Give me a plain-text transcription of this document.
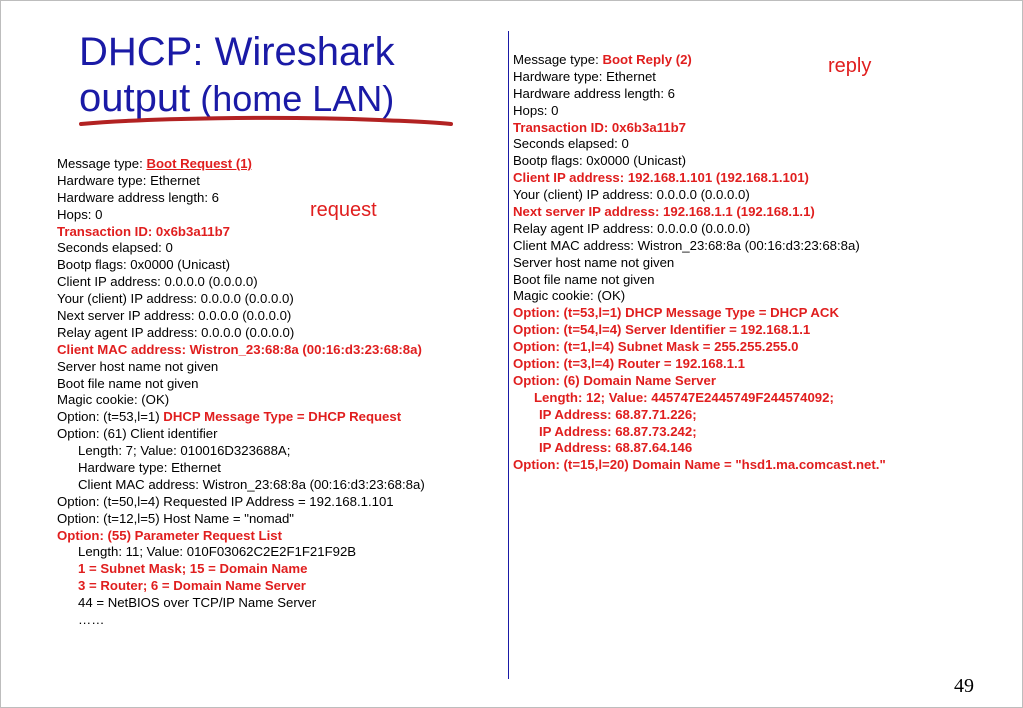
DHCP: Wireshark
output (home LAN)
request
reply
Message type: Boot Request (1)
Hardware type: Ethernet
Hardware address length: 6
Hops: 0
Transaction ID: 0x6b3a11b7
Seconds elapsed: 0
Bootp flags: 0x0000 (Unicast)
Client IP address: 0.0.0.0 (0.0.0.0)
Your (client) IP address: 0.0.0.0 (0.0.0.0)
Next server IP address: 0.0.0.0 (0.0.0.0)
Relay agent IP address: 0.0.0.0 (0.0.0.0)
Client MAC address: Wistron_23:68:8a (00:16:d3:23:68:8a)
Server host name not given
Boot file name not given
Magic cookie: (OK)
Option: (t=53,l=1) DHCP Message Type = DHCP Request
Option: (61) Client identifier
Length: 7; Value: 010016D323688A;
Hardware type: Ethernet
Client MAC address: Wistron_23:68:8a (00:16:d3:23:68:8a)
Option: (t=50,l=4) Requested IP Address = 192.168.1.101
Option: (t=12,l=5) Host Name = "nomad"
Option: (55) Parameter Request List
Length: 11; Value: 010F03062C2E2F1F21F92B
1 = Subnet Mask; 15 = Domain Name
3 = Router; 6 = Domain Name Server
44 = NetBIOS over TCP/IP Name Server
……
Message type: Boot Reply (2)
Hardware type: Ethernet
Hardware address length: 6
Hops: 0
Transaction ID: 0x6b3a11b7
Seconds elapsed: 0
Bootp flags: 0x0000 (Unicast)
Client IP address: 192.168.1.101 (192.168.1.101)
Your (client) IP address: 0.0.0.0 (0.0.0.0)
Next server IP address: 192.168.1.1 (192.168.1.1)
Relay agent IP address: 0.0.0.0 (0.0.0.0)
Client MAC address: Wistron_23:68:8a (00:16:d3:23:68:8a)
Server host name not given
Boot file name not given
Magic cookie: (OK)
Option: (t=53,l=1) DHCP Message Type = DHCP ACK
Option: (t=54,l=4) Server Identifier = 192.168.1.1
Option: (t=1,l=4) Subnet Mask = 255.255.255.0
Option: (t=3,l=4) Router = 192.168.1.1
Option: (6) Domain Name Server
Length: 12; Value: 445747E2445749F244574092;
IP Address: 68.87.71.226;
IP Address: 68.87.73.242;
IP Address: 68.87.64.146
Option: (t=15,l=20) Domain Name = "hsd1.ma.comcast.net."
49
